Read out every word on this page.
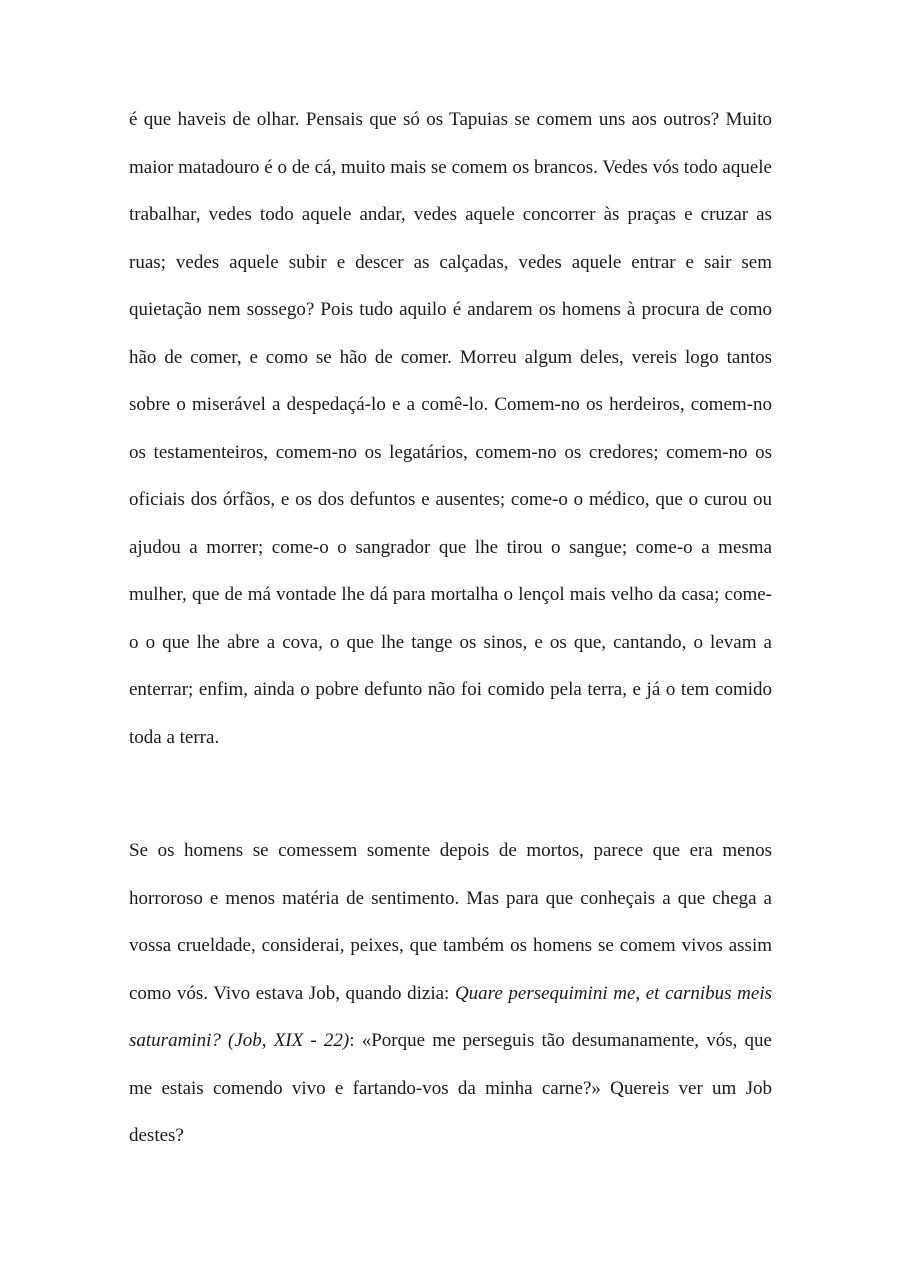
é que haveis de olhar. Pensais que só os Tapuias se comem uns aos outros? Muito maior matadouro é o de cá, muito mais se comem os brancos. Vedes vós todo aquele trabalhar, vedes todo aquele andar, vedes aquele concorrer às praças e cruzar as ruas; vedes aquele subir e descer as calçadas, vedes aquele entrar e sair sem quietação nem sossego? Pois tudo aquilo é andarem os homens à procura de como hão de comer, e como se hão de comer. Morreu algum deles, vereis logo tantos sobre o miserável a despedaçá-lo e a comê-lo. Comem-no os herdeiros, comem-no os testamenteiros, comem-no os legatários, comem-no os credores; comem-no os oficiais dos órfãos, e os dos defuntos e ausentes; come-o o médico, que o curou ou ajudou a morrer; come-o o sangrador que lhe tirou o sangue; come-o a mesma mulher, que de má vontade lhe dá para mortalha o lençol mais velho da casa; come-o o que lhe abre a cova, o que lhe tange os sinos, e os que, cantando, o levam a enterrar; enfim, ainda o pobre defunto não foi comido pela terra, e já o tem comido toda a terra.

Se os homens se comessem somente depois de mortos, parece que era menos horroroso e menos matéria de sentimento. Mas para que conheçais a que chega a vossa crueldade, considerai, peixes, que também os homens se comem vivos assim como vós. Vivo estava Job, quando dizia: Quare persequimini me, et carnibus meis saturamini? (Job, XIX - 22): «Porque me perseguis tão desumanamente, vós, que me estais comendo vivo e fartando-vos da minha carne?» Quereis ver um Job destes?
